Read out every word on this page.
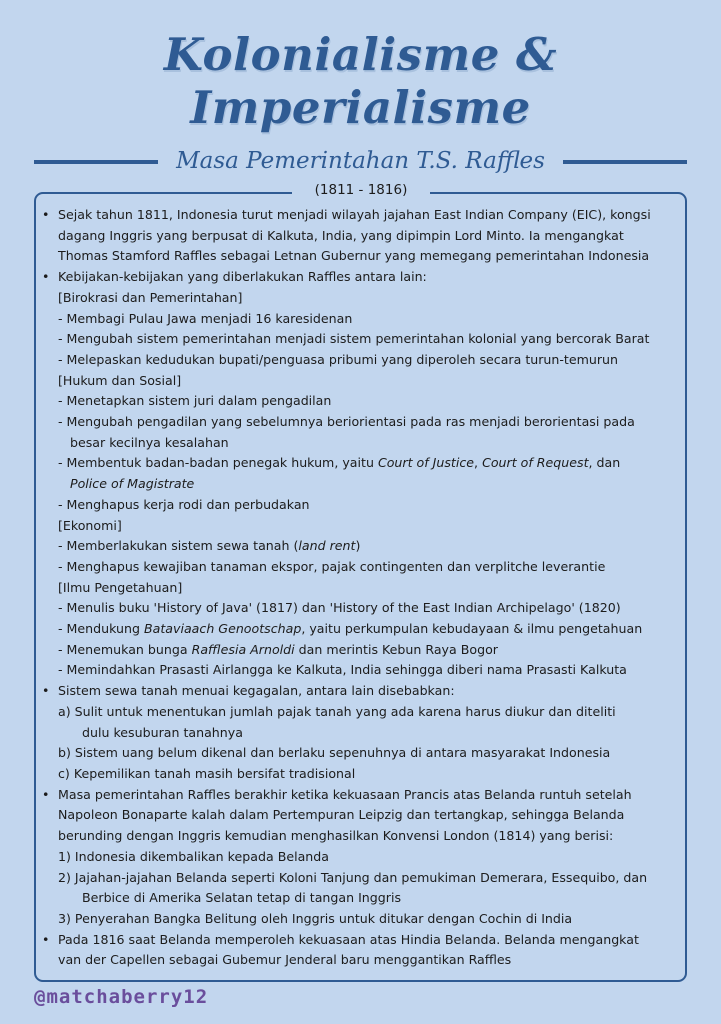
Kolonialisme & Imperialisme
Masa Pemerintahan T.S. Raffles
(1811 - 1816)
• Sejak tahun 1811, Indonesia turut menjadi wilayah jajahan East Indian Company (EIC), kongsi
dagang Inggris yang berpusat di Kalkuta, India, yang dipimpin Lord Minto. Ia mengangkat
Thomas Stamford Raffles sebagai Letnan Gubernur yang memegang pemerintahan Indonesia
• Kebijakan-kebijakan yang diberlakukan Raffles antara lain:
[Birokrasi dan Pemerintahan]
- Membagi Pulau Jawa menjadi 16 karesidenan
- Mengubah sistem pemerintahan menjadi sistem pemerintahan kolonial yang bercorak Barat
- Melepaskan kedudukan bupati/penguasa pribumi yang diperoleh secara turun-temurun
[Hukum dan Sosial]
- Menetapkan sistem juri dalam pengadilan
- Mengubah pengadilan yang sebelumnya beriorientasi pada ras menjadi berorientasi pada
besar kecilnya kesalahan
- Membentuk badan-badan penegak hukum, yaitu Court of Justice, Court of Request, dan
Police of Magistrate
- Menghapus kerja rodi dan perbudakan
[Ekonomi]
- Memberlakukan sistem sewa tanah (land rent)
- Menghapus kewajiban tanaman ekspor, pajak contingenten dan verplitche leverantie
[Ilmu Pengetahuan]
- Menulis buku 'History of Java' (1817) dan 'History of the East Indian Archipelago' (1820)
- Mendukung Bataviaach Genootschap, yaitu perkumpulan kebudayaan & ilmu pengetahuan
- Menemukan bunga Rafflesia Arnoldi dan merintis Kebun Raya Bogor
- Memindahkan Prasasti Airlangga ke Kalkuta, India sehingga diberi nama Prasasti Kalkuta
• Sistem sewa tanah menuai kegagalan, antara lain disebabkan:
a) Sulit untuk menentukan jumlah pajak tanah yang ada karena harus diukur dan diteliti
dulu kesuburan tanahnya
b) Sistem uang belum dikenal dan berlaku sepenuhnya di antara masyarakat Indonesia
c) Kepemilikan tanah masih bersifat tradisional
• Masa pemerintahan Raffles berakhir ketika kekuasaan Prancis atas Belanda runtuh setelah
Napoleon Bonaparte kalah dalam Pertempuran Leipzig dan tertangkap, sehingga Belanda
berunding dengan Inggris kemudian menghasilkan Konvensi London (1814) yang berisi:
1) Indonesia dikembalikan kepada Belanda
2) Jajahan-jajahan Belanda seperti Koloni Tanjung dan pemukiman Demerara, Essequibo, dan
Berbice di Amerika Selatan tetap di tangan Inggris
3) Penyerahan Bangka Belitung oleh Inggris untuk ditukar dengan Cochin di India
• Pada 1816 saat Belanda memperoleh kekuasaan atas Hindia Belanda. Belanda mengangkat
van der Capellen sebagai Gubemur Jenderal baru menggantikan Raffles
@matchaberry12
